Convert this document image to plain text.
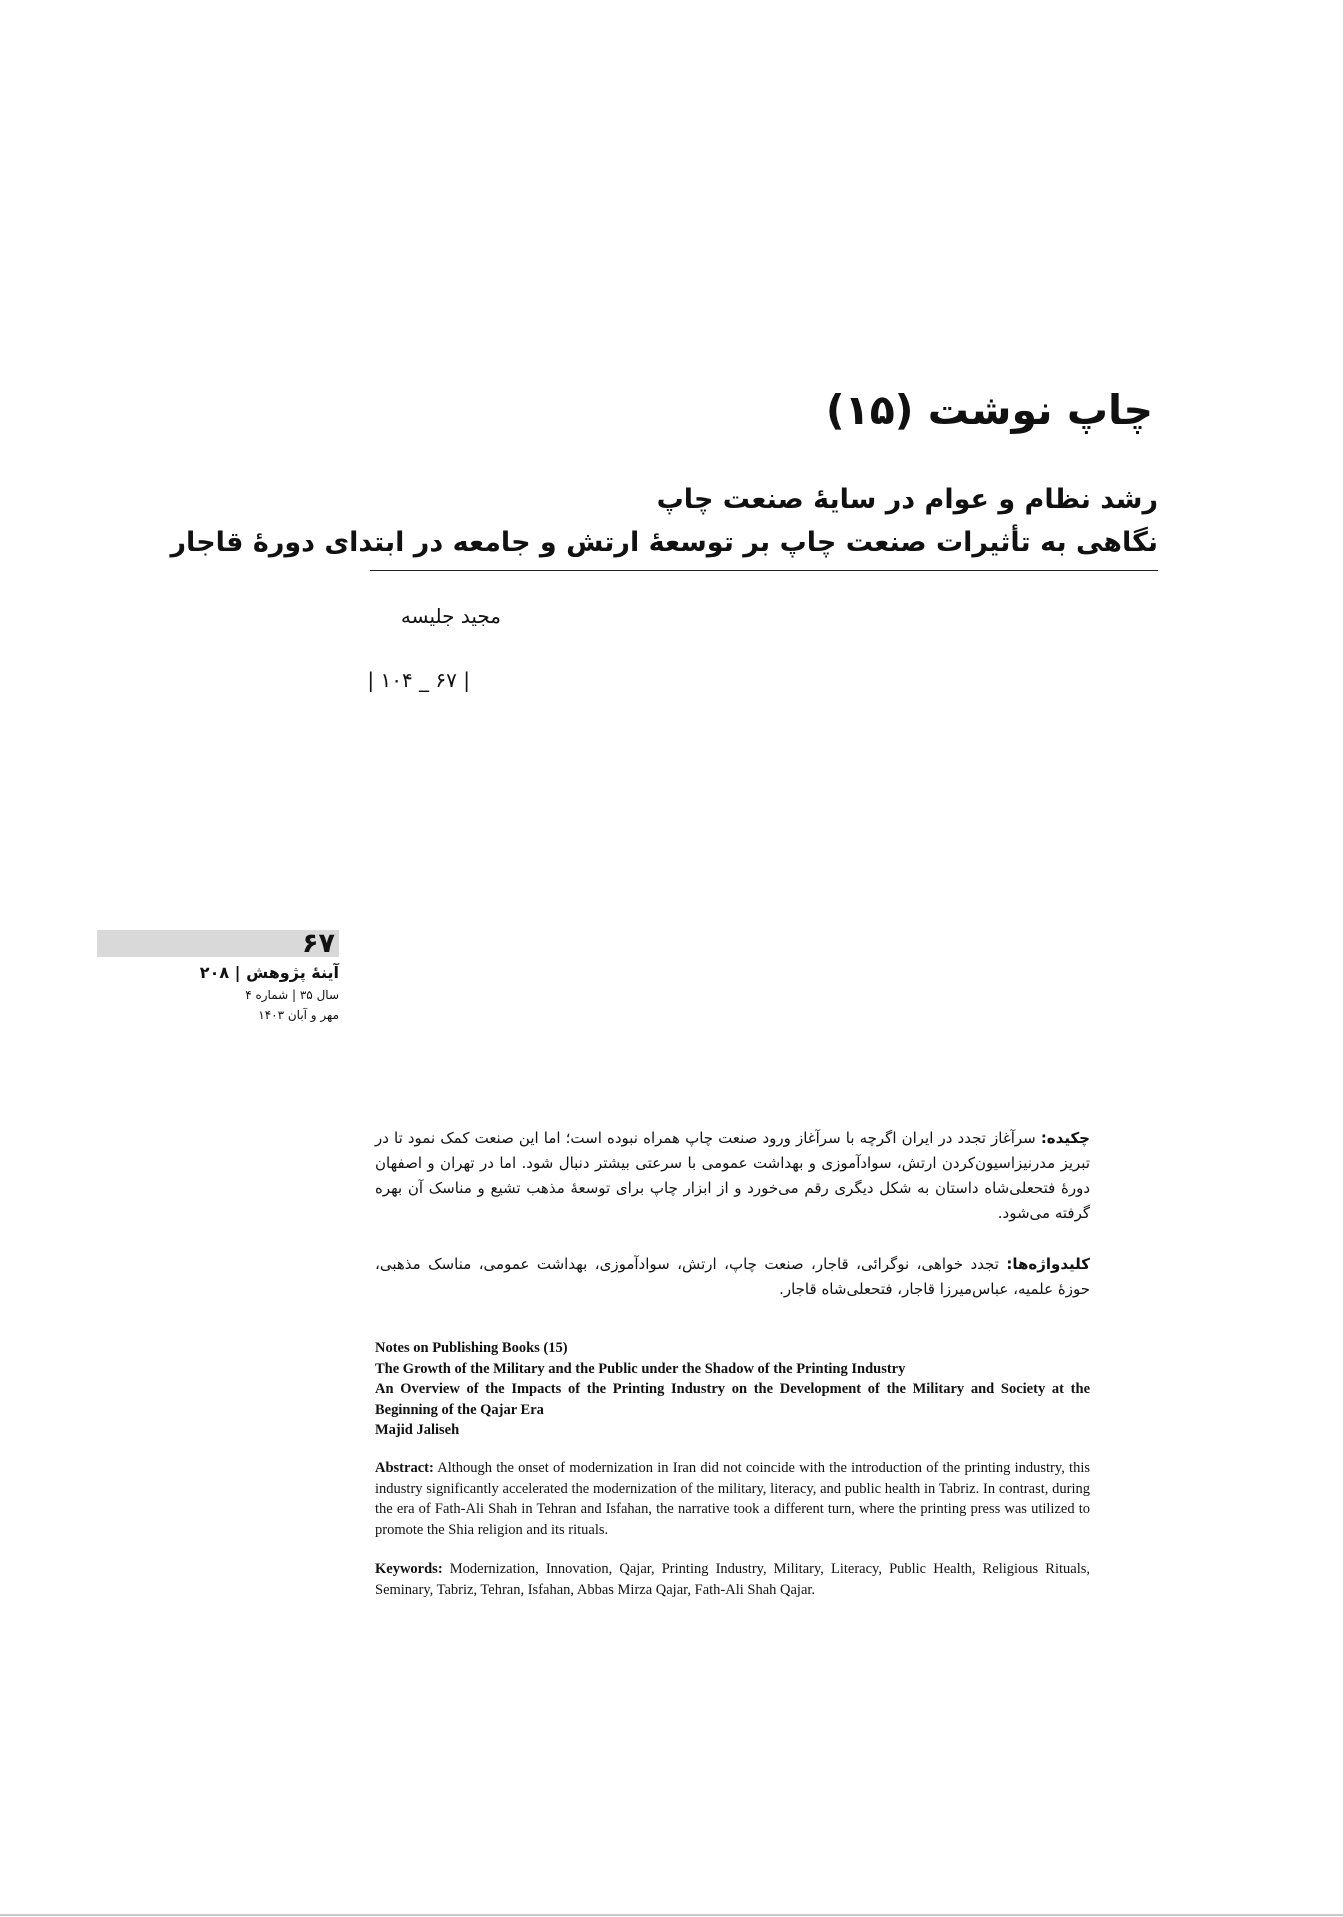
چاپ نوشت (۱۵)
رشد نظام و عوام در سایۀ صنعت چاپ
نگاهی به تأثیرات صنعت چاپ بر توسعۀ ارتش و جامعه در ابتدای دورۀ قاجار
مجید جلیسه
| ۶۷ _ ۱۰۴ |
۶۷
آینۀ پژوهش | ۲۰۸
سال ۳۵ | شماره ۴
مهر و آبان ۱۴۰۳

چکیده: سرآغاز تجدد در ایران اگرچه با سرآغاز ورود صنعت چاپ همراه نبوده است؛ اما این صنعت کمک نمود تا در تبریز مدرنیزاسیون‌کردن ارتش، سوادآموزی و بهداشت عمومی با سرعتی بیشتر دنبال شود. اما در تهران و اصفهان دورۀ فتحعلی‌شاه داستان به شکل دیگری رقم می‌خورد و از ابزار چاپ برای توسعۀ مذهب تشیع و مناسک آن بهره گرفته می‌شود.

کلیدواژه‌ها: تجدد خواهی، نوگرائی، قاجار، صنعت چاپ، ارتش، سوادآموزی، بهداشت عمومی، مناسک مذهبی، حوزۀ علمیه، عباس‌میرزا قاجار، فتحعلی‌شاه قاجار.

Notes on Publishing Books (15)
The Growth of the Military and the Public under the Shadow of the Printing Industry
An Overview of the Impacts of the Printing Industry on the Development of the Military and Society at the Beginning of the Qajar Era
Majid Jaliseh

Abstract: Although the onset of modernization in Iran did not coincide with the introduction of the printing industry, this industry significantly accelerated the modernization of the military, literacy, and public health in Tabriz. In contrast, during the era of Fath-Ali Shah in Tehran and Isfahan, the narrative took a different turn, where the printing press was utilized to promote the Shia religion and its rituals.

Keywords: Modernization, Innovation, Qajar, Printing Industry, Military, Literacy, Public Health, Religious Rituals, Seminary, Tabriz, Tehran, Isfahan, Abbas Mirza Qajar, Fath-Ali Shah Qajar.
